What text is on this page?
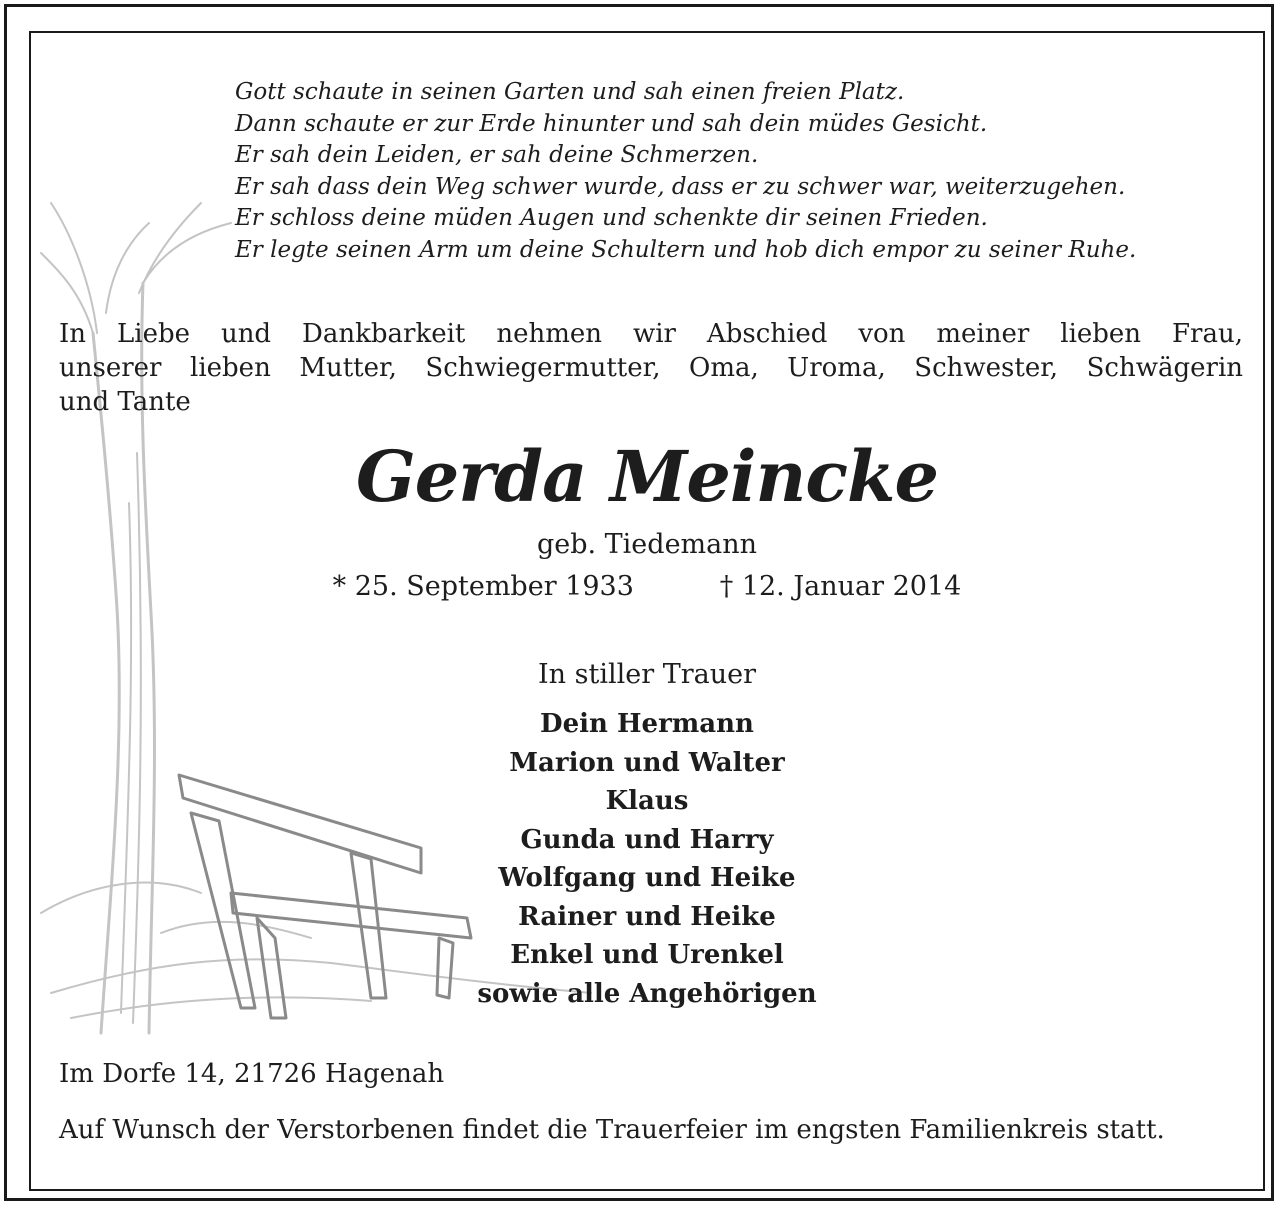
Gott schaute in seinen Garten und sah einen freien Platz.
Dann schaute er zur Erde hinunter und sah dein müdes Gesicht.
Er sah dein Leiden, er sah deine Schmerzen.
Er sah dass dein Weg schwer wurde, dass er zu schwer war, weiterzugehen.
Er schloss deine müden Augen und schenkte dir seinen Frieden.
Er legte seinen Arm um deine Schultern und hob dich empor zu seiner Ruhe.
In Liebe und Dankbarkeit nehmen wir Abschied von meiner lieben Frau,
unserer lieben Mutter, Schwiegermutter, Oma, Uroma, Schwester, Schwägerin
und Tante
Gerda Meincke
geb. Tiedemann
* 25. September 1933	† 12. Januar 2014
In stiller Trauer
Dein Hermann
Marion und Walter
Klaus
Gunda und Harry
Wolfgang und Heike
Rainer und Heike
Enkel und Urenkel
sowie alle Angehörigen
Im Dorfe 14, 21726 Hagenah
Auf Wunsch der Verstorbenen findet die Trauerfeier im engsten Familienkreis statt.
